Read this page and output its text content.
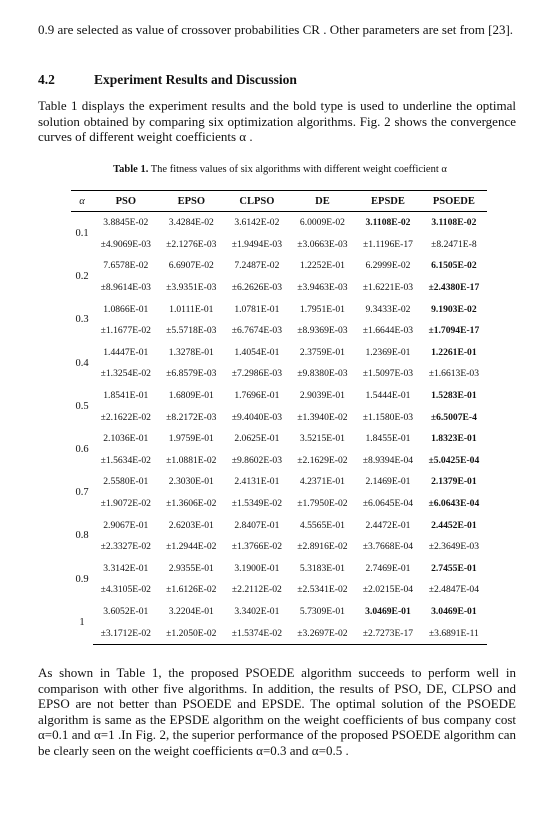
0.9 are selected as value of crossover probabilities CR . Other parameters are set from [23].

4.2	Experiment Results and Discussion

Table 1 displays the experiment results and the bold type is used to underline the optimal solution obtained by comparing six optimization algorithms. Fig. 2 shows the convergence curves of different weight coefficients α .

Table 1. The fitness values of six algorithms with different weight coefficient α
α	PSO	EPSO	CLPSO	DE	EPSDE	PSOEDE
0.1	3.8845E-02	3.4284E-02	3.6142E-02	6.0009E-02	3.1108E-02	3.1108E-02
	±4.9069E-03	±2.1276E-03	±1.9494E-03	±3.0663E-03	±1.1196E-17	±8.2471E-8
0.2	7.6578E-02	6.6907E-02	7.2487E-02	1.2252E-01	6.2999E-02	6.1505E-02
	±8.9614E-03	±3.9351E-03	±6.2626E-03	±3.9463E-03	±1.6221E-03	±2.4380E-17
0.3	1.0866E-01	1.0111E-01	1.0781E-01	1.7951E-01	9.3433E-02	9.1903E-02
	±1.1677E-02	±5.5718E-03	±6.7674E-03	±8.9369E-03	±1.6644E-03	±1.7094E-17
0.4	1.4447E-01	1.3278E-01	1.4054E-01	2.3759E-01	1.2369E-01	1.2261E-01
	±1.3254E-02	±6.8579E-03	±7.2986E-03	±9.8380E-03	±1.5097E-03	±1.6613E-03
0.5	1.8541E-01	1.6809E-01	1.7696E-01	2.9039E-01	1.5444E-01	1.5283E-01
	±2.1622E-02	±8.2172E-03	±9.4040E-03	±1.3940E-02	±1.1580E-03	±6.5007E-4
0.6	2.1036E-01	1.9759E-01	2.0625E-01	3.5215E-01	1.8455E-01	1.8323E-01
	±1.5634E-02	±1.0881E-02	±9.8602E-03	±2.1629E-02	±8.9394E-04	±5.0425E-04
0.7	2.5580E-01	2.3030E-01	2.4131E-01	4.2371E-01	2.1469E-01	2.1379E-01
	±1.9072E-02	±1.3606E-02	±1.5349E-02	±1.7950E-02	±6.0645E-04	±6.0643E-04
0.8	2.9067E-01	2.6203E-01	2.8407E-01	4.5565E-01	2.4472E-01	2.4452E-01
	±2.3327E-02	±1.2944E-02	±1.3766E-02	±2.8916E-02	±3.7668E-04	±2.3649E-03
0.9	3.3142E-01	2.9355E-01	3.1900E-01	5.3183E-01	2.7469E-01	2.7455E-01
	±4.3105E-02	±1.6126E-02	±2.2112E-02	±2.5341E-02	±2.0215E-04	±2.4847E-04
1	3.6052E-01	3.2204E-01	3.3402E-01	5.7309E-01	3.0469E-01	3.0469E-01
	±3.1712E-02	±1.2050E-02	±1.5374E-02	±3.2697E-02	±2.7273E-17	±3.6891E-11

As shown in Table 1, the proposed PSOEDE algorithm succeeds to perform well in comparison with other five algorithms. In addition, the results of PSO, DE, CLPSO and EPSO are not better than PSOEDE and EPSDE. The optimal solution of the PSOEDE algorithm is same as the EPSDE algorithm on the weight coefficients of bus company cost α=0.1 and α=1 .In Fig. 2, the superior performance of the proposed PSOEDE algorithm can be clearly seen on the weight coefficients α=0.3 and α=0.5 .
